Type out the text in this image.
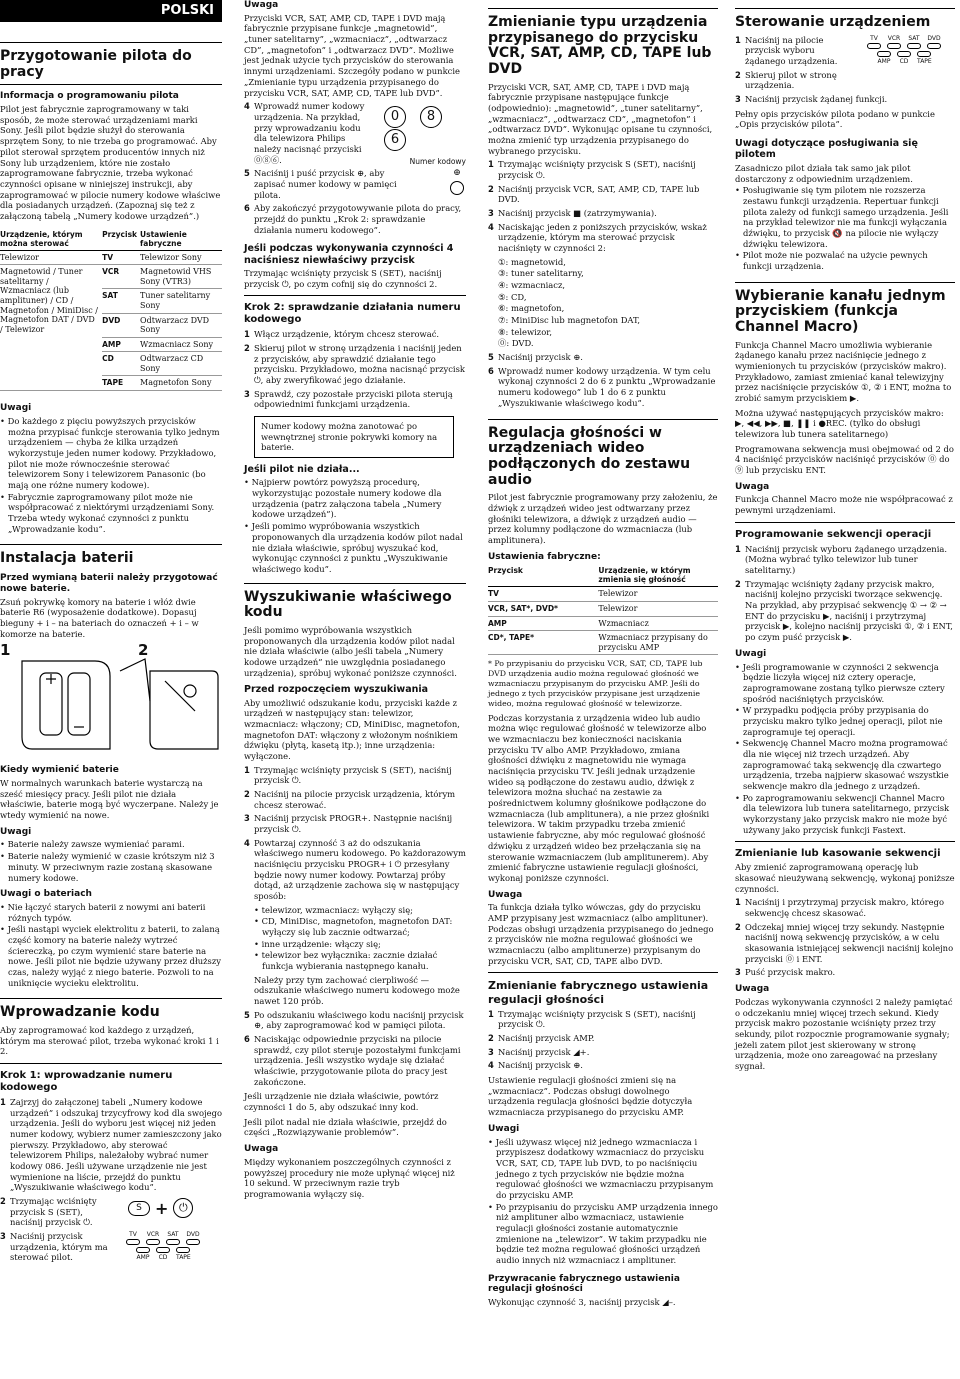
POLSKI
Przygotowanie pilota do pracy
Informacja o programowaniu pilota

Pilot jest fabrycznie zaprogramowany w taki sposób, że może sterować urządzeniami marki Sony. Jeśli pilot będzie służył do sterowania sprzętem Sony, to nie trzeba go programować. Aby pilot sterował sprzętem producentów innych niż Sony lub urządzeniem, które nie zostało zaprogramowane fabrycznie, trzeba wykonać czynności opisane w niniejszej instrukcji, aby zaprogramować w pilocie numery kodowe właściwe dla posiadanych urządzeń. (Zapoznaj się też z załączoną tabelą „Numery kodowe urządzeń”.)

Urządzenie, którym można sterować	Przycisk	Ustawienie fabryczne
Telewizor	TV	Telewizor Sony
Magnetowid / Tuner satelitarny / Wzmacniacz (lub amplituner) / CD / Magnetofon / MiniDisc / Magnetofon DAT / DVD / Telewizor	VCR	Magnetowid VHS Sony (VTR3)
	SAT	Tuner satelitarny Sony
	DVD	Odtwarzacz DVD Sony
	AMP	Wzmacniacz Sony
	CD	Odtwarzacz CD Sony
	TAPE	Magnetofon Sony
Uwagi
• Do każdego z pięciu powyższych przycisków można przypisać funkcje sterowania tylko jednym urządzeniem — chyba że kilka urządzeń wykorzystuje jeden numer kodowy. Przykładowo, pilot nie może równocześnie sterować telewizorem Sony i telewizorem Panasonic (bo mają one różne numery kodowe).
• Fabrycznie zaprogramowany pilot może nie współpracować z niektórymi urządzeniami Sony. Trzeba wtedy wykonać czynności z punktu „Wprowadzanie kodu”.
Instalacja baterii
Przed wymianą baterii należy przygotować nowe baterie.

Zsuń pokrywkę komory na baterie i włóż dwie baterie R6 (wyposażenie dodatkowe). Dopasuj bieguny + i – na bateriach do oznaczeń + i – w komorze na baterie.

1	2
Kiedy wymienić baterie

W normalnych warunkach baterie wystarczą na sześć miesięcy pracy. Jeśli pilot nie działa właściwie, baterie mogą być wyczerpane. Należy je wtedy wymienić na nowe.

Uwagi
• Baterie należy zawsze wymieniać parami.
• Baterie należy wymienić w czasie krótszym niż 3 minuty. W przeciwnym razie zostaną skasowane numery kodowe.
Uwagi o bateriach
• Nie łączyć starych baterii z nowymi ani baterii różnych typów.
• Jeśli nastąpi wyciek elektrolitu z baterii, to zalaną część komory na baterie należy wytrzeć ściereczką, po czym wymienić stare baterie na nowe. Jeśli pilot nie będzie używany przez dłuższy czas, należy wyjąć z niego baterie. Pozwoli to na uniknięcie wycieku elektrolitu.
Wprowadzanie kodu

Aby zaprogramować kod każdego z urządzeń, którym ma sterować pilot, trzeba wykonać kroki 1 i 2.

Krok 1: wprowadzanie numeru kodowego
1 Zajrzyj do załączonej tabeli „Numery kodowe urządzeń” i odszukaj trzycyfrowy kod dla swojego urządzenia. Jeśli do wyboru jest więcej niż jeden numer kodowy, wybierz numer zamieszczony jako pierwszy. Przykładowo, aby sterować telewizorem Philips, należałoby wybrać numer kodowy 086. Jeśli używane urządzenie nie jest wymienione na liście, przejdź do punktu „Wyszukiwanie właściwego kodu”.
2 Trzymając wciśnięty przycisk S (SET), naciśnij przycisk ⏻.
S + ⏻
3 Naciśnij przycisk urządzenia, którym ma sterować pilot.
TV	VCR SAT DVD
AMP	CD	TAPE
Uwaga

Przyciski VCR, SAT, AMP, CD, TAPE i DVD mają fabrycznie przypisane funkcje „magnetowid”, „tuner satelitarny”, „wzmacniacz”, „odtwarzacz CD”, „magnetofon” i „odtwarzacz DVD”. Możliwe jest jednak użycie tych przycisków do sterowania innymi urządzeniami. Szczegóły podano w punkcie „Zmienianie typu urządzenia przypisanego do przycisku VCR, SAT, AMP, CD, TAPE lub DVD”.

4 Wprowadź numer kodowy urządzenia. Na przykład, przy wprowadzaniu kodu dla telewizora Philips należy nacisnąć przyciski ⓪⑧⑥.
0 86
Numer kodowy
5 Naciśnij i puść przycisk ⊕, aby zapisać numer kodowy w pamięci pilota.
⊕
6 Aby zakończyć przygotowywanie pilota do pracy, przejdź do punktu „Krok 2: sprawdzanie działania numeru kodowego”.
Jeśli podczas wykonywania czynności 4 naciśniesz niewłaściwy przycisk

Trzymając wciśnięty przycisk S (SET), naciśnij przycisk ⏻, po czym cofnij się do czynności 2.

Krok 2: sprawdzanie działania numeru kodowego
1 Włącz urządzenie, którym chcesz sterować.
2 Skieruj pilot w stronę urządzenia i naciśnij jeden z przycisków, aby sprawdzić działanie tego przycisku. Przykładowo, można nacisnąć przycisk ⏻, aby zweryfikować jego działanie.
3 Sprawdź, czy pozostałe przyciski pilota sterują odpowiednimi funkcjami urządzenia.
Numer kodowy można zanotować po wewnętrznej stronie pokrywki komory na baterie.
Jeśli pilot nie działa...
• Najpierw powtórz powyższą procedurę, wykorzystując pozostałe numery kodowe dla urządzenia (patrz załączona tabela „Numery kodowe urządzeń”).
• Jeśli pomimo wypróbowania wszystkich proponowanych dla urządzenia kodów pilot nadal nie działa właściwie, spróbuj wyszukać kod, wykonując czynności z punktu „Wyszukiwanie właściwego kodu”.
Wyszukiwanie właściwego kodu

Jeśli pomimo wypróbowania wszystkich proponowanych dla urządzenia kodów pilot nadal nie działa właściwie (albo jeśli tabela „Numery kodowe urządzeń” nie uwzględnia posiadanego urządzenia), spróbuj wykonać poniższe czynności.

Przed rozpoczęciem wyszukiwania

Aby umożliwić odszukanie kodu, przyciski każde z urządzeń w następujący stan: telewizor, wzmacniacz: włączony; CD, MiniDisc, magnetofon, magnetofon DAT: włączony z włożonym nośnikiem dźwięku (płytą, kasetą itp.); inne urządzenia: wyłączone.

1 Trzymając wciśnięty przycisk S (SET), naciśnij przycisk ⏻.
2 Naciśnij na pilocie przycisk urządzenia, którym chcesz sterować.
3 Naciśnij przycisk PROGR+. Następnie naciśnij przycisk ⏻.
4 Powtarzaj czynność 3 aż do odszukania właściwego numeru kodowego. Po każdorazowym naciśnięciu przycisku PROGR+ i ⏻ przesyłany będzie nowy numer kodowy. Powtarzaj próby dotąd, aż urządzenie zachowa się w następujący sposób:
• telewizor, wzmacniacz: wyłączy się;
• CD, MiniDisc, magnetofon, magnetofon DAT: wyłączy się lub zacznie odtwarzać;
• inne urządzenie: włączy się;
• telewizor bez wyłącznika: zacznie działać funkcja wybierania następnego kanału.

Należy przy tym zachować cierpliwość — odszukanie właściwego numeru kodowego może nawet 120 prób.

5 Po odszukaniu właściwego kodu naciśnij przycisk ⊕, aby zaprogramować kod w pamięci pilota.
6 Naciskając odpowiednie przyciski na pilocie sprawdź, czy pilot steruje pozostałymi funkcjami urządzenia. Jeśli wszystko wydaje się działać właściwie, przygotowanie pilota do pracy jest zakończone.

Jeśli urządzenie nie działa właściwie, powtórz czynności 1 do 5, aby odszukać inny kod.

Jeśli pilot nadal nie działa właściwie, przejdź do części „Rozwiązywanie problemów”.

Uwaga

Między wykonaniem poszczególnych czynności z powyższej procedury nie może upłynąć więcej niż 10 sekund. W przeciwnym razie tryb programowania wyłączy się.

Zmienianie typu urządzenia przypisanego do przycisku VCR, SAT, AMP, CD, TAPE lub DVD

Przyciski VCR, SAT, AMP, CD, TAPE i DVD mają fabrycznie przypisane następujące funkcje (odpowiednio): „magnetowid”, „tuner satelitarny”, „wzmacniacz”, „odtwarzacz CD”, „magnetofon” i „odtwarzacz DVD”. Wykonując opisane tu czynności, można zmienić typ urządzenia przypisanego do wybranego przycisku.

1 Trzymając wciśnięty przycisk S (SET), naciśnij przycisk ⏻.
2 Naciśnij przycisk VCR, SAT, AMP, CD, TAPE lub DVD.
3 Naciśnij przycisk ■ (zatrzymywania).
4 Naciskając jeden z poniższych przycisków, wskaż urządzenie, którym ma sterować przycisk naciśnięty w czynności 2:

①: magnetowid,

③: tuner satelitarny,

④: wzmacniacz,

⑤: CD,

⑥: magnetofon,

⑦: MiniDisc lub magnetofon DAT,

⑧: telewizor,

⓪: DVD.

5 Naciśnij przycisk ⊕.
6 Wprowadź numer kodowy urządzenia. W tym celu wykonaj czynności 2 do 6 z punktu „Wprowadzanie numeru kodowego” lub 1 do 6 z punktu „Wyszukiwanie właściwego kodu”.
Regulacja głośności w urządzeniach wideo podłączonych do zestawu audio

Pilot jest fabrycznie programowany przy założeniu, że dźwięk z urządzeń wideo jest odtwarzany przez głośniki telewizora, a dźwięk z urządzeń audio — przez kolumny podłączone do wzmacniacza (lub amplitunera).

Ustawienia fabryczne:
Przycisk	Urządzenie, w którym zmienia się głośność
TV	Telewizor
VCR, SAT*, DVD*	Telewizor
AMP	Wzmacniacz
CD*, TAPE*	Wzmacniacz przypisany do przycisku AMP

* Po przypisaniu do przycisku VCR, SAT, CD, TAPE lub DVD urządzenia audio można regulować głośność we wzmacniaczu przypisanym do przycisku AMP. Jeśli do jednego z tych przycisków przypisane jest urządzenie wideo, można regulować głośność w telewizorze.

Podczas korzystania z urządzenia wideo lub audio można więc regulować głośność w telewizorze albo we wzmacniaczu bez konieczności naciskania przycisku TV albo AMP. Przykładowo, zmiana głośności dźwięku z magnetowidu nie wymaga naciśnięcia przycisku TV. Jeśli jednak urządzenie wideo są podłączone do zestawu audio, dźwięk z telewizora można słuchać na zestawie za pośrednictwem kolumny głośnikowe podłączone do wzmacniacza (lub amplitunera), a nie przez głośniki telewizora. W takim przypadku trzeba zmienić ustawienie fabryczne, aby móc regulować głośność dźwięku z urządzeń wideo bez przełączania się na sterowanie wzmacniaczem (lub amplitunerem). Aby zmienić fabryczne ustawienie regulacji głośności, wykonaj poniższe czynności.

Uwaga

Ta funkcja działa tylko wówczas, gdy do przycisku AMP przypisany jest wzmacniacz (albo amplituner). Podczas obsługi urządzenia przypisanego do jednego z przycisków nie można regulować głośności we wzmacniaczu (albo amplitunerze) przypisanym do przycisku VCR, SAT, CD, TAPE albo DVD.

Zmienianie fabrycznego ustawienia regulacji głośności
1 Trzymając wciśnięty przycisk S (SET), naciśnij przycisk ⏻.
2 Naciśnij przycisk AMP.
3 Naciśnij przycisk ◢+.
4 Naciśnij przycisk ⊕.

Ustawienie regulacji głośności zmieni się na „wzmacniacz”. Podczas obsługi dowolnego urządzenia regulacja głośności będzie dotyczyła wzmacniacza przypisanego do przycisku AMP.

Uwagi
• Jeśli używasz więcej niż jednego wzmacniacza i przypiszesz dodatkowy wzmacniacz do przycisku VCR, SAT, CD, TAPE lub DVD, to po naciśnięciu jednego z tych przycisków nie będzie można regulować głośności we wzmacniaczu przypisanym do przycisku AMP.
• Po przypisaniu do przycisku AMP urządzenia innego niż amplituner albo wzmacniacz, ustawienie regulacji głośności zostanie automatycznie zmienione na „telewizor”. W takim przypadku nie będzie też można regulować głośności urządzeń audio innych niż wzmacniacz i amplituner.
Przywracanie fabrycznego ustawienia regulacji głośności

Wykonując czynność 3, naciśnij przycisk ◢–.

Sterowanie urządzeniem
1 Naciśnij na pilocie przycisk wyboru żądanego urządzenia.
2 Skieruj pilot w stronę urządzenia.
TV	VCR SAT DVD
AMP	CD	TAPE
3 Naciśnij przycisk żądanej funkcji.

Pełny opis przycisków pilota podano w punkcie „Opis przycisków pilota”.

Uwagi dotyczące posługiwania się pilotem

Zasadniczo pilot działa tak samo jak pilot dostarczony z odpowiednim urządzeniem.

• Posługiwanie się tym pilotem nie rozszerza zestawu funkcji urządzenia. Repertuar funkcji pilota zależy od funkcji samego urządzenia. Jeśli na przykład telewizor nie ma funkcji wyłączania dźwięku, to przycisk 🔇 na pilocie nie wyłączy dźwięku telewizora.
• Pilot może nie pozwalać na użycie pewnych funkcji urządzenia.
Wybieranie kanału jednym przyciskiem (funkcja Channel Macro)

Funkcja Channel Macro umożliwia wybieranie żądanego kanału przez naciśnięcie jednego z wymienionych tu przycisków (przycisków makro). Przykładowo, zamiast zmieniać kanał telewizyjny przez naciśnięcie przycisków ①, ② i ENT, można to zrobić samym przyciskiem ▶.

Można używać następujących przycisków makro: ▶, ◀◀, ▶▶, ■, ❚❚ i ●REC. (tylko do obsługi telewizora lub tunera satelitarnego)

Programowana sekwencja musi obejmować od 2 do 4 naciśnięć przycisków naciśnięć przycisków ⓪ do ⑨ lub przycisku ENT.

Uwaga

Funkcja Channel Macro może nie współpracować z pewnymi urządzeniami.

Programowanie sekwencji operacji
1 Naciśnij przycisk wyboru żądanego urządzenia. (Można wybrać tylko telewizor lub tuner satelitarny.)
2 Trzymając wciśnięty żądany przycisk makro, naciśnij kolejno przyciski tworzące sekwencję. Na przykład, aby przypisać sekwencję ① → ② → ENT do przycisku ▶, naciśnij i przytrzymaj przycisk ▶, kolejno naciśnij przyciski ①, ② i ENT, po czym puść przycisk ▶.
Uwagi
• Jeśli programowanie w czynności 2 sekwencja będzie liczyła więcej niż cztery operacje, zaprogramowane zostaną tylko pierwsze cztery spośród naciśniętych przycisków.
• W przypadku podjęcia próby przypisania do przycisku makro tylko jednej operacji, pilot nie zaprogramuje tej operacji.
• Sekwencję Channel Macro można programować dla nie więcej niż trzech urządzeń. Aby zaprogramować taką sekwencję dla czwartego urządzenia, trzeba najpierw skasować wszystkie sekwencje makro dla jednego z urządzeń.
• Po zaprogramowaniu sekwencji Channel Macro dla telewizora lub tunera satelitarnego, przycisk wykorzystany jako przycisk makro nie może być używany jako przycisk funkcji Fastext.
Zmienianie lub kasowanie sekwencji

Aby zmienić zaprogramowaną operację lub skasować nieużywaną sekwencję, wykonaj poniższe czynności.

1 Naciśnij i przytrzymaj przycisk makro, którego sekwencję chcesz skasować.
2 Odczekaj mniej więcej trzy sekundy. Następnie naciśnij nową sekwencję przycisków, a w celu skasowania istniejącej sekwencji naciśnij kolejno przyciski ⓪ i ENT.
3 Puść przycisk makro.
Uwaga

Podczas wykonywania czynności 2 należy pamiętać o odczekaniu mniej więcej trzech sekund. Kiedy przycisk makro pozostanie wciśnięty przez trzy sekundy, pilot rozpocznie programowanie sygnały; jeżeli zatem pilot jest skierowany w stronę urządzenia, może ono zareagować na przesłany sygnał.
